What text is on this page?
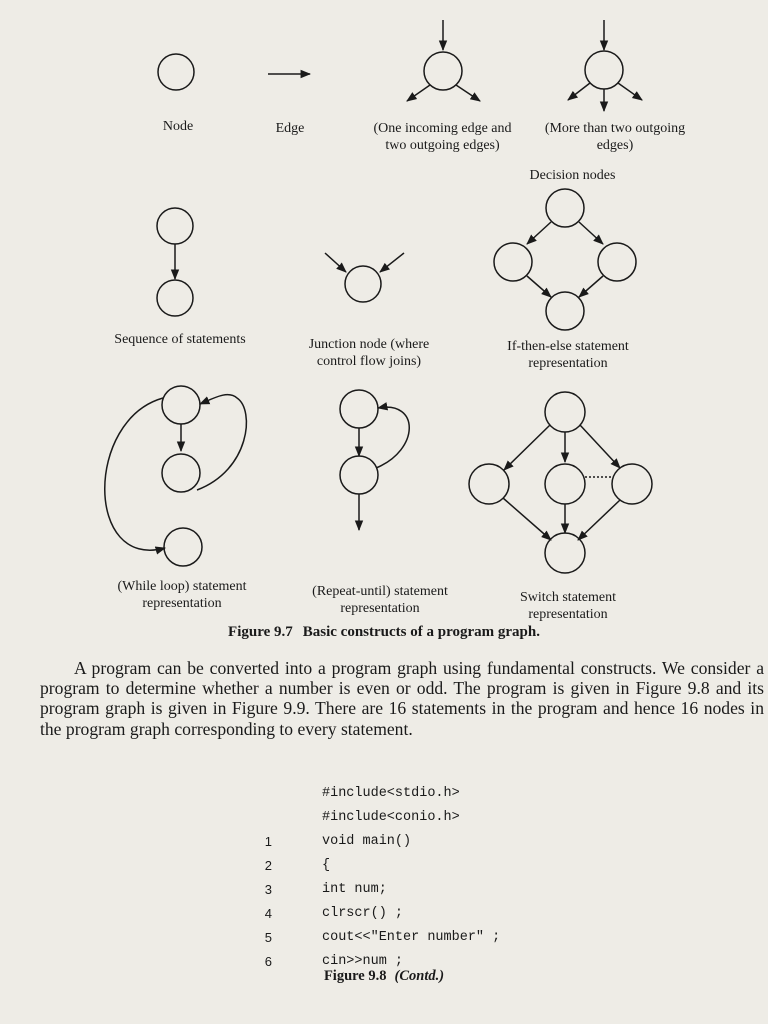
Node	Edge	(One incoming edge and two outgoing edges)
(More than two outgoing edges)
Decision nodes
Sequence of statements	Junction node (where control flow joins)
If-then-else statement representation
(While loop) statement representation
(Repeat-until) statement representation
Switch statement representation
Figure 9.7 Basic constructs of a program graph.

A program can be converted into a program graph using fundamental constructs. We consider a program to determine whether a number is even or odd. The program is given in Figure 9.8 and its program graph is given in Figure 9.9. There are 16 statements in the program and hence 16 nodes in the program graph corresponding to every statement.

#include<stdio.h>
#include<conio.h>
1	void main()
2	{
3	int num;
4	clrscr() ;
5	cout<<"Enter number" ;
6	cin>>num ;
Figure 9.8 (Contd.)
